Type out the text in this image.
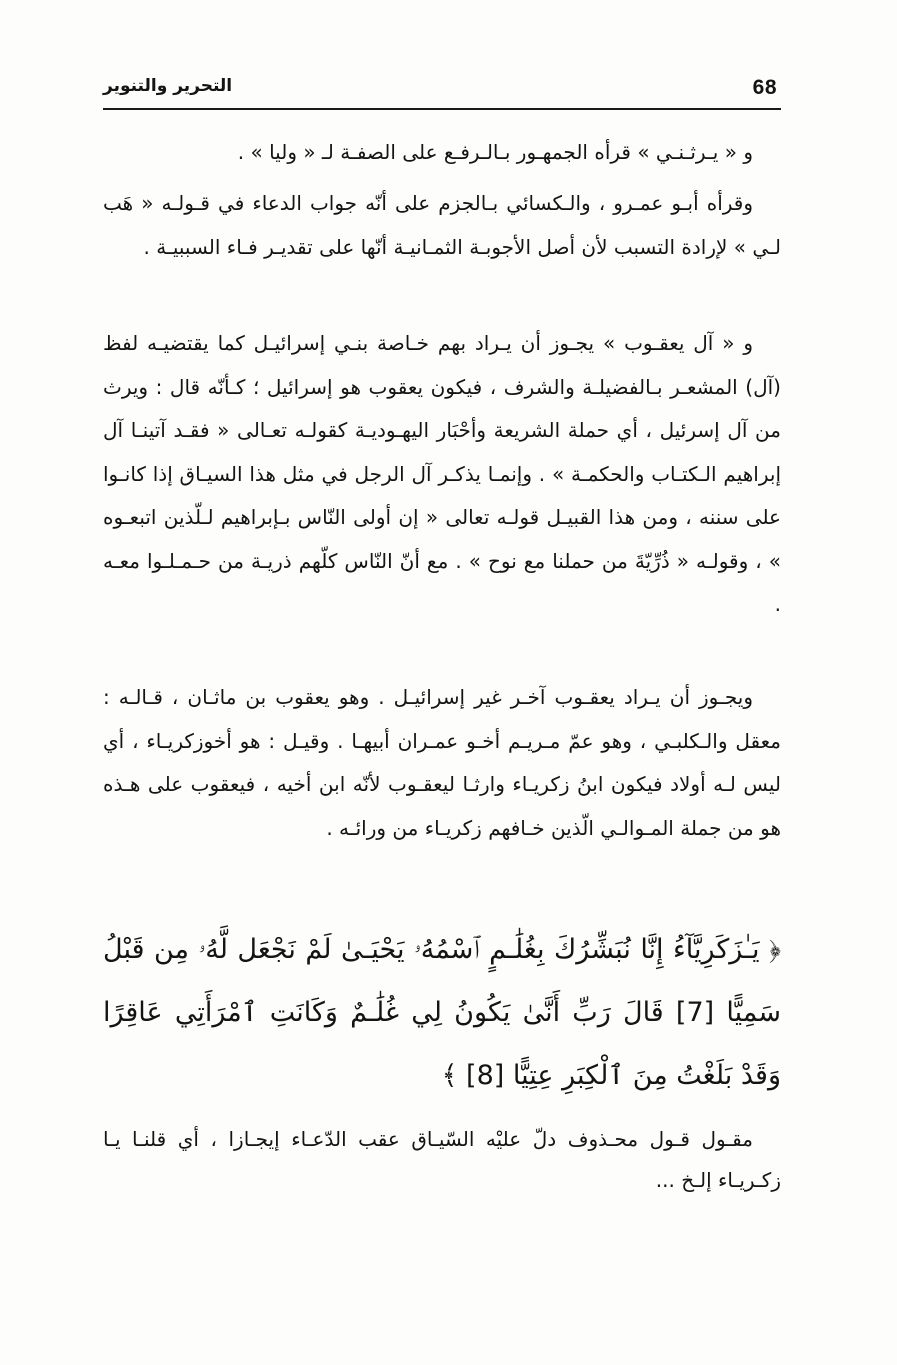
68
التحرير والتنوير

و « يـرثـنـي » قرأه الجمهـور بـالـرفـع على الصفـة لـ « وليا » .

وقرأه أبـو عمـرو ، والـكسائي بـالجزم على أنّه جواب الدعاء في قـولـه « هَب لـي » لإرادة التسبب لأن أصل الأجوبـة الثمـانيـة أنّها على تقديـر فـاء السببيـة .

و « آل يعقـوب » يجـوز أن يـراد بهم خـاصة بنـي إسرائيـل كما يقتضيـه لفظ (آل) المشعـر بـالفضيلـة والشرف ، فيكون يعقوب هو إسرائيل ؛ كـأنّه قال : ويرث من آل إسرئيل ، أي حملة الشريعة وأحْبَار اليهـوديـة كقولـه تعـالى « فقـد آتينـا آل إبراهيم الـكتـاب والحكمـة » . وإنمـا يذكـر آل الرجل في مثل هذا السيـاق إذا كانـوا على سننه ، ومن هذا القبيـل قولـه تعالى « إن أولى النّاس بـإبراهيم لـلّذين اتبعـوه » ، وقولـه « ذُرِّيّةَ من حملنا مع نوح » . مع أنّ النّاس كلّهم ذريـة من حـمـلـوا معـه .

ويجـوز أن يـراد يعقـوب آخـر غير إسرائيـل . وهو يعقوب بن ماثـان ، قـالـه : معقل والـكلبـي ، وهو عمّ مـريـم أخـو عمـران أبيهـا . وقيـل : هو أخوزكريـاء ، أي ليس لـه أولاد فيكون ابنُ زكريـاء وارثـا ليعقـوب لأنّه ابن أخيه ، فيعقوب على هـذه هو من جملة المـوالـي الّذين خـافهم زكريـاء من ورائـه .

﴿ يَـٰزَكَرِيَّآءُ إِنَّا نُبَشِّرُكَ بِغُلَٰـمٍ ٱسْمُهُۥ يَحْيَـىٰ لَمْ نَجْعَل لَّهُۥ مِن قَبْلُ سَمِيًّا [7] قَالَ رَبِّ أَنَّىٰ يَكُونُ لِي غُلَٰـمٌ وَكَانَتِ ٱمْرَأَتِي عَاقِرًا وَقَدْ بَلَغْتُ مِنَ ٱلْكِبَرِ عِتِيًّا [8] ﴾

مقـول قـول محـذوف دلّ عليْه السّيـاق عقب الدّعـاء إيجـازا ، أي قلنـا يـا زكـريـاء إلـخ ...
